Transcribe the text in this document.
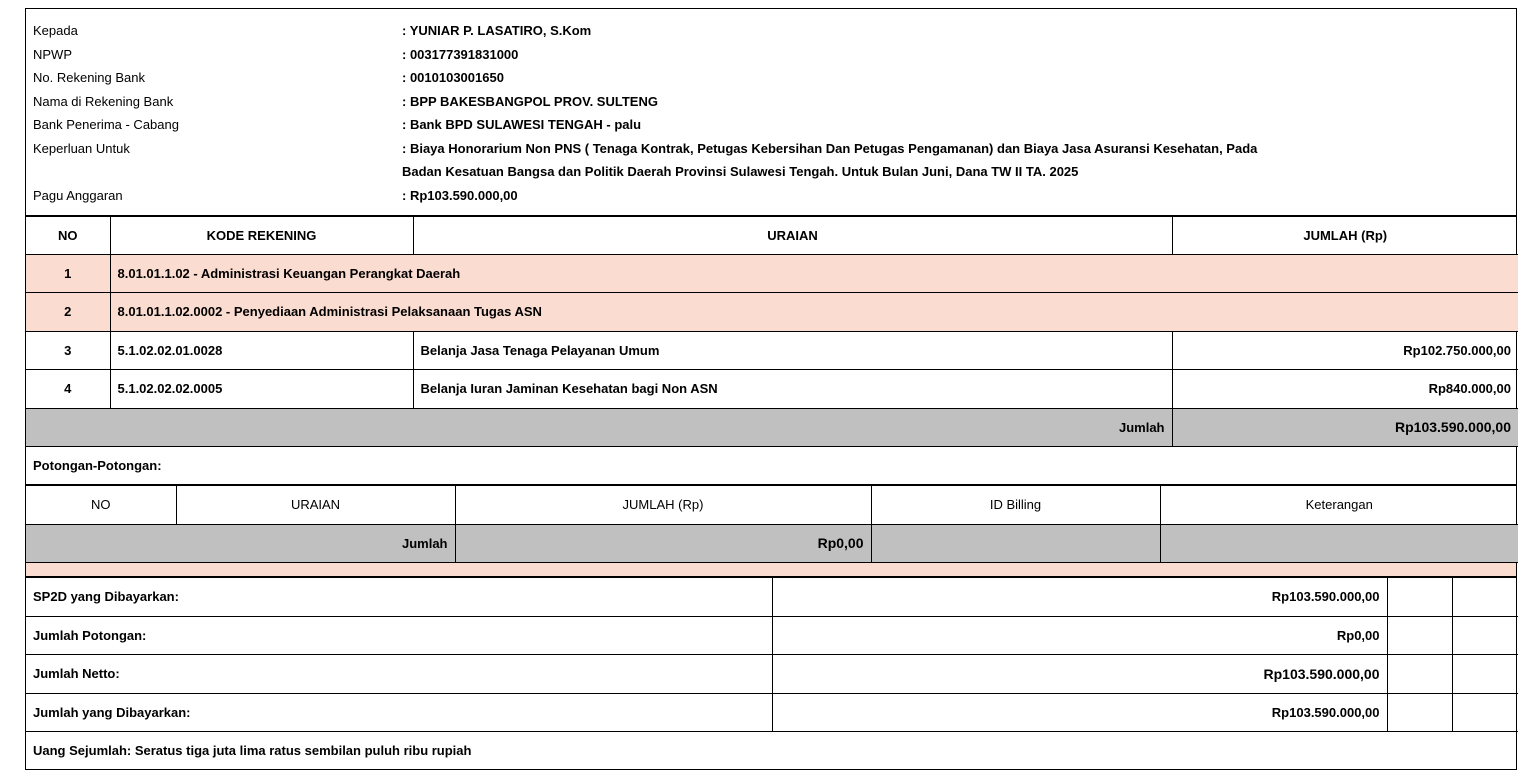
Kepada	: YUNIAR P. LASATIRO, S.Kom
NPWP	: 003177391831000
No. Rekening Bank	: 0010103001650
Nama di Rekening Bank	: BPP BAKESBANGPOL PROV. SULTENG
Bank Penerima - Cabang	: Bank BPD SULAWESI TENGAH - palu
Keperluan Untuk	: Biaya Honorarium Non PNS ( Tenaga Kontrak, Petugas Kebersihan Dan Petugas Pengamanan) dan Biaya Jasa Asuransi Kesehatan, Pada
Badan Kesatuan Bangsa dan Politik Daerah Provinsi Sulawesi Tengah. Untuk Bulan Juni, Dana TW II TA. 2025
Pagu Anggaran	: Rp103.590.000,00
NO	KODE REKENING	URAIAN	JUMLAH (Rp)
1	8.01.01.1.02 - Administrasi Keuangan Perangkat Daerah		
2	8.01.01.1.02.0002 - Penyediaan Administrasi Pelaksanaan Tugas ASN		
3	5.1.02.02.01.0028	Belanja Jasa Tenaga Pelayanan Umum	Rp102.750.000,00
4	5.1.02.02.02.0005	Belanja Iuran Jaminan Kesehatan bagi Non ASN	Rp840.000,00
Jumlah			Rp103.590.000,00
Potongan-Potongan:
NO	URAIAN	JUMLAH (Rp)	ID Billing	Keterangan
Jumlah		Rp0,00		
SP2D yang Dibayarkan:	Rp103.590.000,00		
Jumlah Potongan:	Rp0,00		
Jumlah Netto:	Rp103.590.000,00		
Jumlah yang Dibayarkan:	Rp103.590.000,00		
Uang Sejumlah: Seratus tiga juta lima ratus sembilan puluh ribu rupiah
